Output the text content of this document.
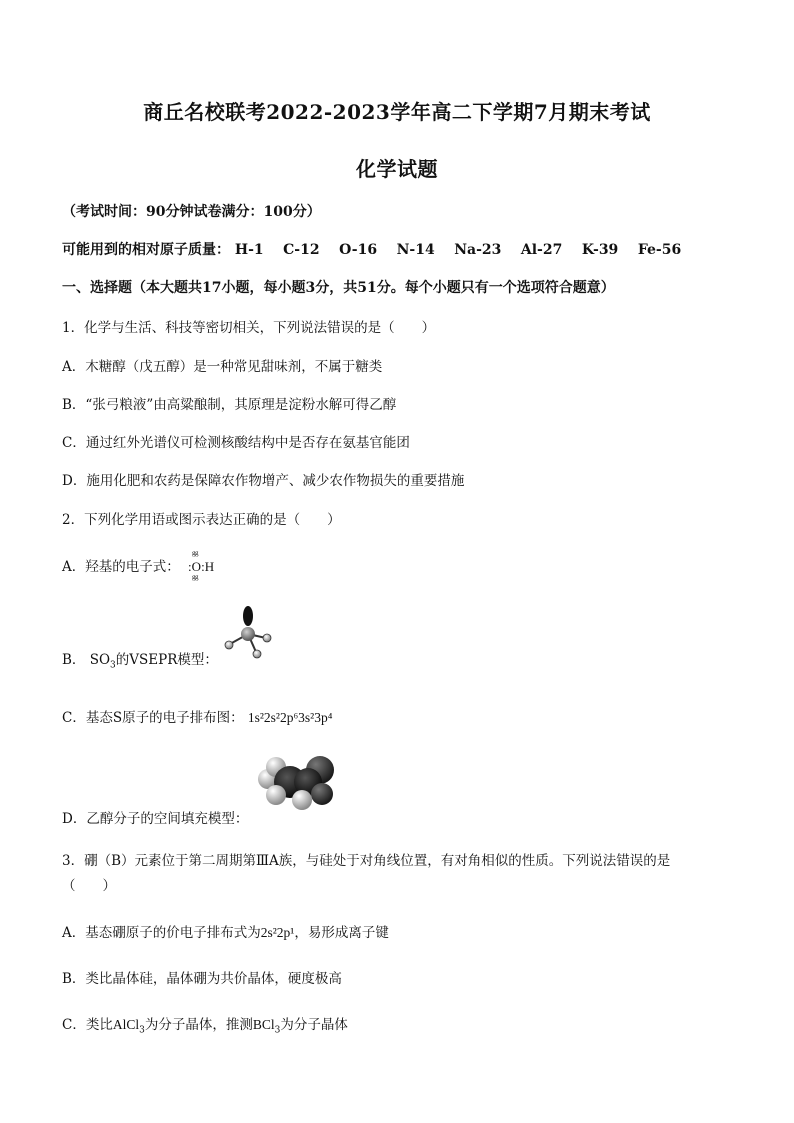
商丘名校联考2022-2023学年高二下学期7月期末考试
化学试题
（考试时间：90分钟试卷满分：100分）
可能用到的相对原子质量： H-1 C-12 O-16 N-14 Na-23 Al-27 K-39 Fe-56
一、选择题（本大题共17小题，每小题3分，共51分。每个小题只有一个选项符合题意）
1．化学与生活、科技等密切相关，下列说法错误的是（　　）
A．木糖醇（戊五醇）是一种常见甜味剂，不属于糖类
B．“张弓粮液”由高粱酿制，其原理是淀粉水解可得乙醇
C．通过红外光谱仪可检测核酸结构中是否存在氨基官能团
D．施用化肥和农药是保障农作物增产、减少农作物损失的重要措施
2．下列化学用语或图示表达正确的是（　　）
A．羟基的电子式：
gg
:O:H
gg
B． $SO_3$的VSEPR模型：
C．基态S原子的电子排布图： 1s²2s²2p⁶3s²3p⁴
D．乙醇分子的空间填充模型：
3．硼（B）元素位于第二周期第ⅢA族，与硅处于对角线位置，有对角相似的性质。下列说法错误的是
（　　）
A．基态硼原子的价电子排布式为2s²2p¹，易形成离子键
B．类比晶体硅，晶体硼为共价晶体，硬度极高
C．类比AlCl$_3$为分子晶体，推测BCl$_3$为分子晶体
